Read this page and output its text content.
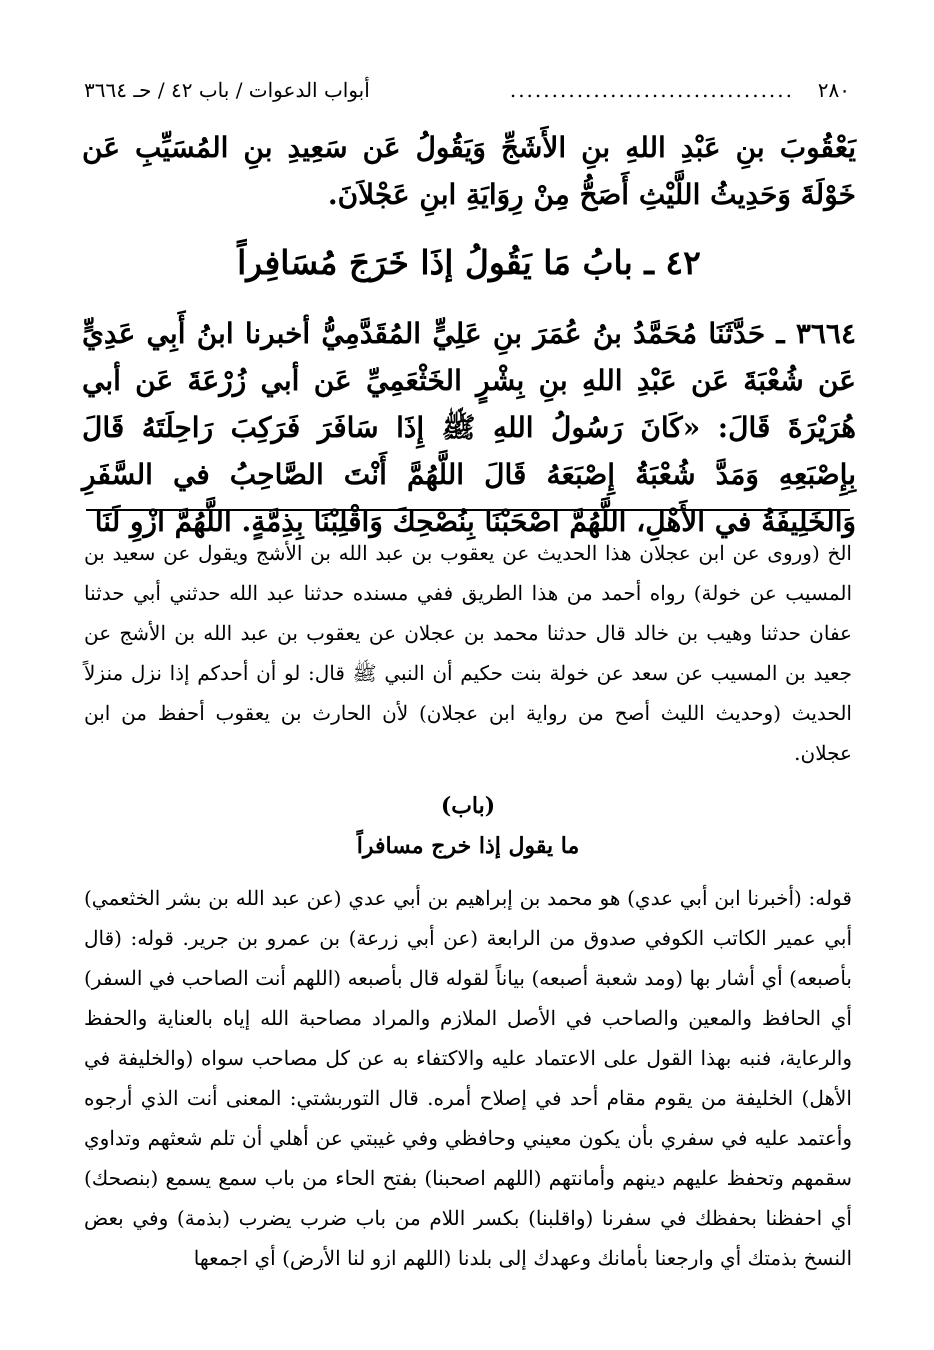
٢٨٠
..................................
أبواب الدعوات / باب ٤٢ / حـ ٣٦٦٤

يَعْقُوبَ بنِ عَبْدِ اللهِ بنِ الأَشَجِّ وَيَقُولُ عَن سَعِيدِ بنِ المُسَيِّبِ عَن خَوْلَةَ وَحَدِيثُ اللَّيْثِ أَصَحُّ مِنْ رِوَايَةِ ابنِ عَجْلاَنَ.

٤٢ ـ بابُ مَا يَقُولُ إذَا خَرَجَ مُسَافِراً

٣٦٦٤ ـ حَدَّثَنَا مُحَمَّدُ بنُ عُمَرَ بنِ عَلِيٍّ المُقَدَّمِيُّ أخبرنا ابنُ أَبِي عَدِيٍّ عَن شُعْبَةَ عَن عَبْدِ اللهِ بنِ بِشْرٍ الخَثْعَمِيِّ عَن أبي زُرْعَةَ عَن أبي هُرَيْرَةَ قَالَ: «كَانَ رَسُولُ اللهِ ﷺ إِذَا سَافَرَ فَرَكِبَ رَاحِلَتَهُ قَالَ بِإِصْبَعِهِ وَمَدَّ شُعْبَةُ إِصْبَعَهُ قَالَ اللَّهُمَّ أَنْتَ الصَّاحِبُ في السَّفَرِ وَالخَلِيفَةُ في الأَهْلِ، اللَّهُمَّ اصْحَبْنَا بِنُصْحِكَ وَاقْلِبْنَا بِذِمَّةٍ. اللَّهُمَّ ازْوِ لَنَا

الخ (وروى عن ابن عجلان هذا الحديث عن يعقوب بن عبد الله بن الأشج ويقول عن سعيد بن المسيب عن خولة) رواه أحمد من هذا الطريق ففي مسنده حدثنا عبد الله حدثني أبي حدثنا عفان حدثنا وهيب بن خالد قال حدثنا محمد بن عجلان عن يعقوب بن عبد الله بن الأشج عن جعيد بن المسيب عن سعد عن خولة بنت حكيم أن النبي ﷺ قال: لو أن أحدكم إذا نزل منزلاً الحديث (وحديث الليث أصح من رواية ابن عجلان) لأن الحارث بن يعقوب أحفظ من ابن عجلان.

(باب)
ما يقول إذا خرج مسافراً

قوله: (أخبرنا ابن أبي عدي) هو محمد بن إبراهيم بن أبي عدي (عن عبد الله بن بشر الخثعمي) أبي عمير الكاتب الكوفي صدوق من الرابعة (عن أبي زرعة) بن عمرو بن جرير. قوله: (قال بأصبعه) أي أشار بها (ومد شعبة أصبعه) بياناً لقوله قال بأصبعه (اللهم أنت الصاحب في السفر) أي الحافظ والمعين والصاحب في الأصل الملازم والمراد مصاحبة الله إياه بالعناية والحفظ والرعاية، فنبه بهذا القول على الاعتماد عليه والاكتفاء به عن كل مصاحب سواه (والخليفة في الأهل) الخليفة من يقوم مقام أحد في إصلاح أمره. قال التوربشتي: المعنى أنت الذي أرجوه وأعتمد عليه في سفري بأن يكون معيني وحافظي وفي غيبتي عن أهلي أن تلم شعثهم وتداوي سقمهم وتحفظ عليهم دينهم وأمانتهم (اللهم اصحبنا) بفتح الحاء من باب سمع يسمع (بنصحك) أي احفظنا بحفظك في سفرنا (واقلبنا) بكسر اللام من باب ضرب يضرب (بذمة) وفي بعض النسخ بذمتك أي وارجعنا بأمانك وعهدك إلى بلدنا (اللهم ازو لنا الأرض) أي اجمعها
